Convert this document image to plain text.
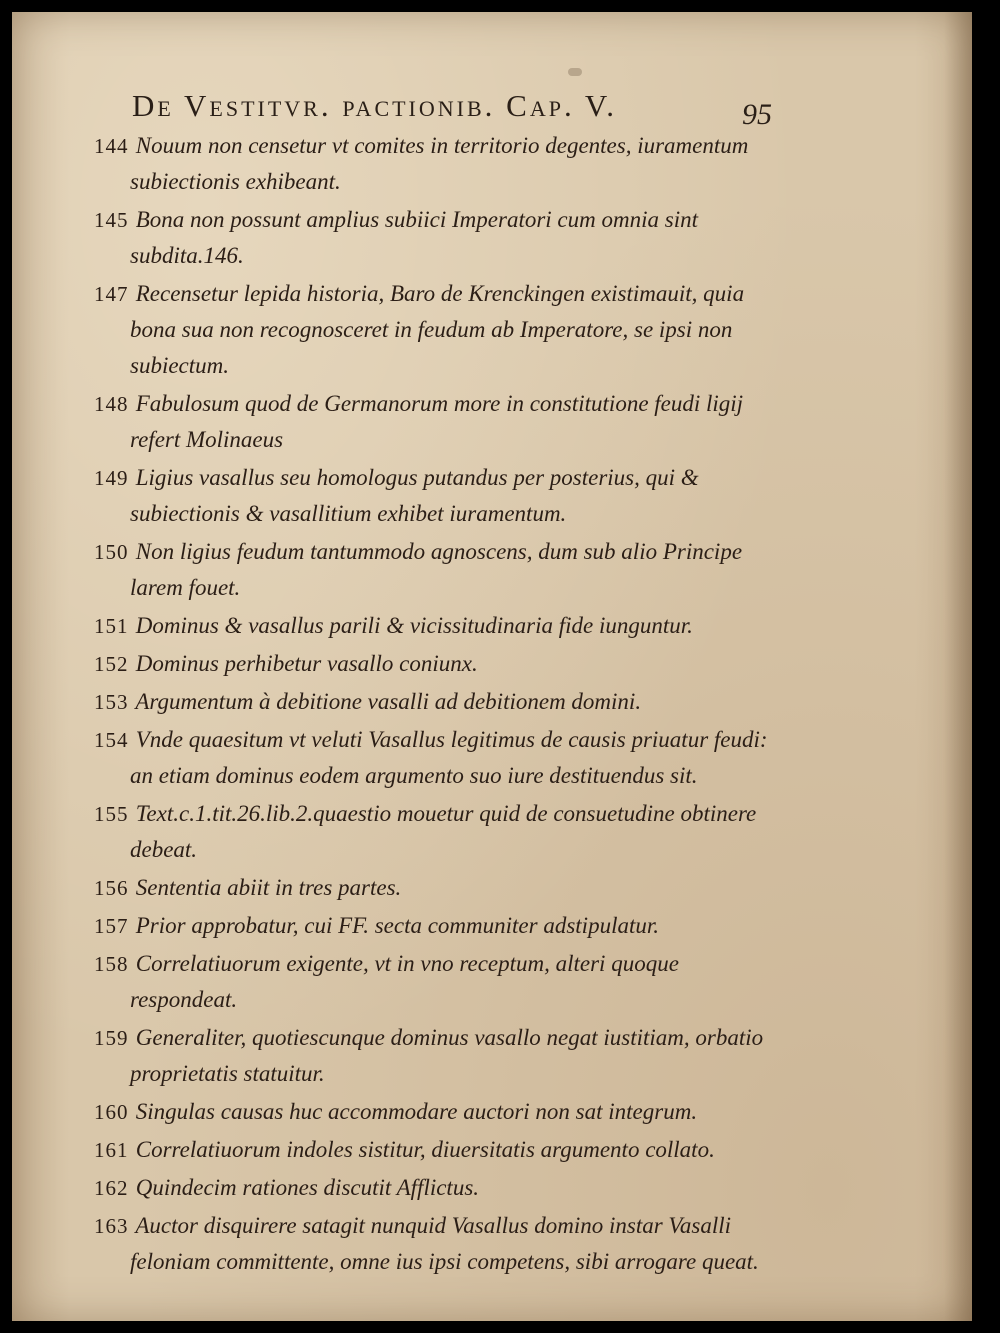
De Vestitvr. pactionib. Cap. V.	95
144 Nouum non censetur vt comites in territorio degentes, iuramentum subiectionis exhibeant.
145 Bona non possunt amplius subiici Imperatori cum omnia sint subdita.146.
147 Recensetur lepida historia, Baro de Krenckingen existimauit, quia bona sua non recognosceret in feudum ab Imperatore, se ipsi non subiectum.
148 Fabulosum quod de Germanorum more in constitutione feudi ligij refert Molinaeus
149 Ligius vasallus seu homologus putandus per posterius, qui & subiectionis & vasallitium exhibet iuramentum.
150 Non ligius feudum tantummodo agnoscens, dum sub alio Principe larem fouet.
151 Dominus & vasallus parili & vicissitudinaria fide iunguntur.
152 Dominus perhibetur vasallo coniunx.
153 Argumentum à debitione vasalli ad debitionem domini.
154 Vnde quaesitum vt veluti Vasallus legitimus de causis priuatur feudi: an etiam dominus eodem argumento suo iure destituendus sit.
155 Text.c.1.tit.26.lib.2.quaestio mouetur quid de consuetudine obtinere debeat.
156 Sententia abiit in tres partes.
157 Prior approbatur, cui FF. secta communiter adstipulatur.
158 Correlatiuorum exigente, vt in vno receptum, alteri quoque respondeat.
159 Generaliter, quotiescunque dominus vasallo negat iustitiam, orbatio proprietatis statuitur.
160 Singulas causas huc accommodare auctori non sat integrum.
161 Correlatiuorum indoles sistitur, diuersitatis argumento collato.
162 Quindecim rationes discutit Afflictus.
163 Auctor disquirere satagit nunquid Vasallus domino instar Vasalli feloniam committente, omne ius ipsi competens, sibi arrogare queat.
